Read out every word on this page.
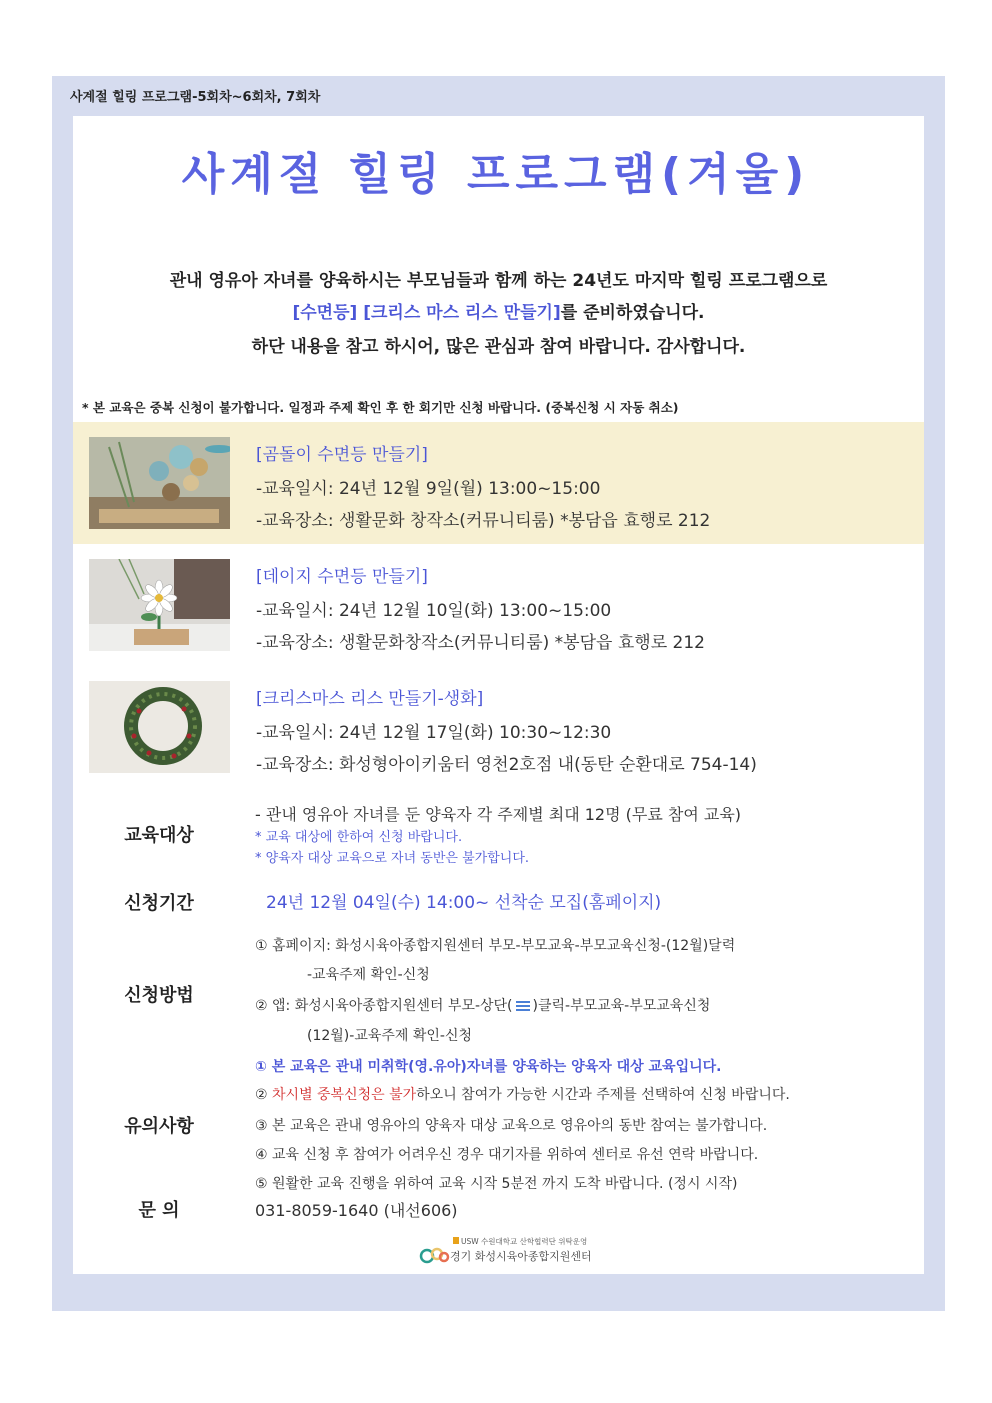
사계절 힐링 프로그램-5회차~6회차, 7회차
사계절 힐링 프로그램(겨울)
관내 영유아 자녀를 양육하시는 부모님들과 함께 하는 24년도 마지막 힐링 프로그램으로
[수면등] [크리스 마스 리스 만들기]를 준비하였습니다.
하단 내용을 참고 하시어, 많은 관심과 참여 바랍니다. 감사합니다.
* 본 교육은 중복 신청이 불가합니다. 일정과 주제 확인 후 한 회기만 신청 바랍니다. (중복신청 시 자동 취소)
[곰돌이 수면등 만들기]
-교육일시: 24년 12월 9일(월) 13:00~15:00
-교육장소: 생활문화 창작소(커뮤니티룸) *봉담읍 효행로 212
[데이지 수면등 만들기]
-교육일시: 24년 12월 10일(화) 13:00~15:00
-교육장소: 생활문화창작소(커뮤니티룸) *봉담읍 효행로 212
[크리스마스 리스 만들기-생화]
-교육일시: 24년 12월 17일(화) 10:30~12:30
-교육장소: 화성형아이키움터 영천2호점 내(동탄 순환대로 754-14)
교육대상
- 관내 영유아 자녀를 둔 양육자 각 주제별 최대 12명 (무료 참여 교육)
* 교육 대상에 한하여 신청 바랍니다.
* 양육자 대상 교육으로 자녀 동반은 불가합니다.
신청기간	24년 12월 04일(수) 14:00~ 선착순 모집(홈페이지)
신청방법
① 홈페이지: 화성시육아종합지원센터 부모-부모교육-부모교육신청-(12월)달력
-교육주제 확인-신청
② 앱: 화성시육아종합지원센터 부모-상단( )클릭-부모교육-부모교육신청
(12월)-교육주제 확인-신청
유의사항
① 본 교육은 관내 미취학(영.유아)자녀를 양육하는 양육자 대상 교육입니다.
② 차시별 중복신청은 불가하오니 참여가 가능한 시간과 주제를 선택하여 신청 바랍니다.
③ 본 교육은 관내 영유아의 양육자 대상 교육으로 영유아의 동반 참여는 불가합니다.
④ 교육 신청 후 참여가 어려우신 경우 대기자를 위하여 센터로 유선 연락 바랍니다.
⑤ 원활한 교육 진행을 위하여 교육 시작 5분전 까지 도착 바랍니다. (정시 시작)
문 의	031-8059-1640 (내선606)
USW 수원대학교 산학협력단 위탁운영
경기 화성시육아종합지원센터
